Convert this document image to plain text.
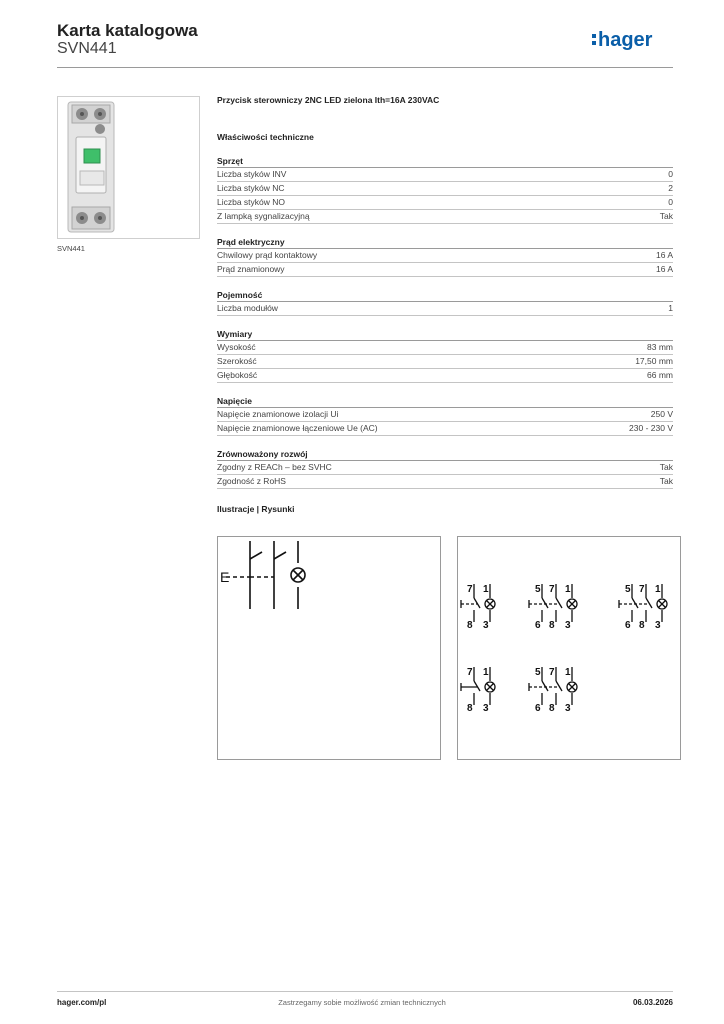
Karta katalogowa
SVN441	hager
SVN441
Przycisk sterowniczy 2NC LED zielona Ith=16A 230VAC
Właściwości techniczne
Sprzęt
Liczba styków INV	0
Liczba styków NC	2
Liczba styków NO	0
Z lampką sygnalizacyjną	Tak
Prąd elektryczny
Chwilowy prąd kontaktowy	16 A
Prąd znamionowy	16 A
Pojemność
Liczba modułów	1
Wymiary
Wysokość	83 mm
Szerokość	17,50 mm
Głębokość	66 mm
Napięcie
Napięcie znamionowe izolacji Ui	250 V
Napięcie znamionowe łączeniowe Ue (AC)	230 - 230 V
Zrównoważony rozwój
Zgodny z REACh – bez SVHC	Tak
Zgodność z RoHS	Tak
Ilustracje | Rysunki
E
7 1
8 3
5 7 1
6 8 3
5 7 1
6 8 3
7 1
8 3
5 7 1
6 8 3
hager.com/pl	Zastrzegamy sobie możliwość zmian technicznych	06.03.2026
